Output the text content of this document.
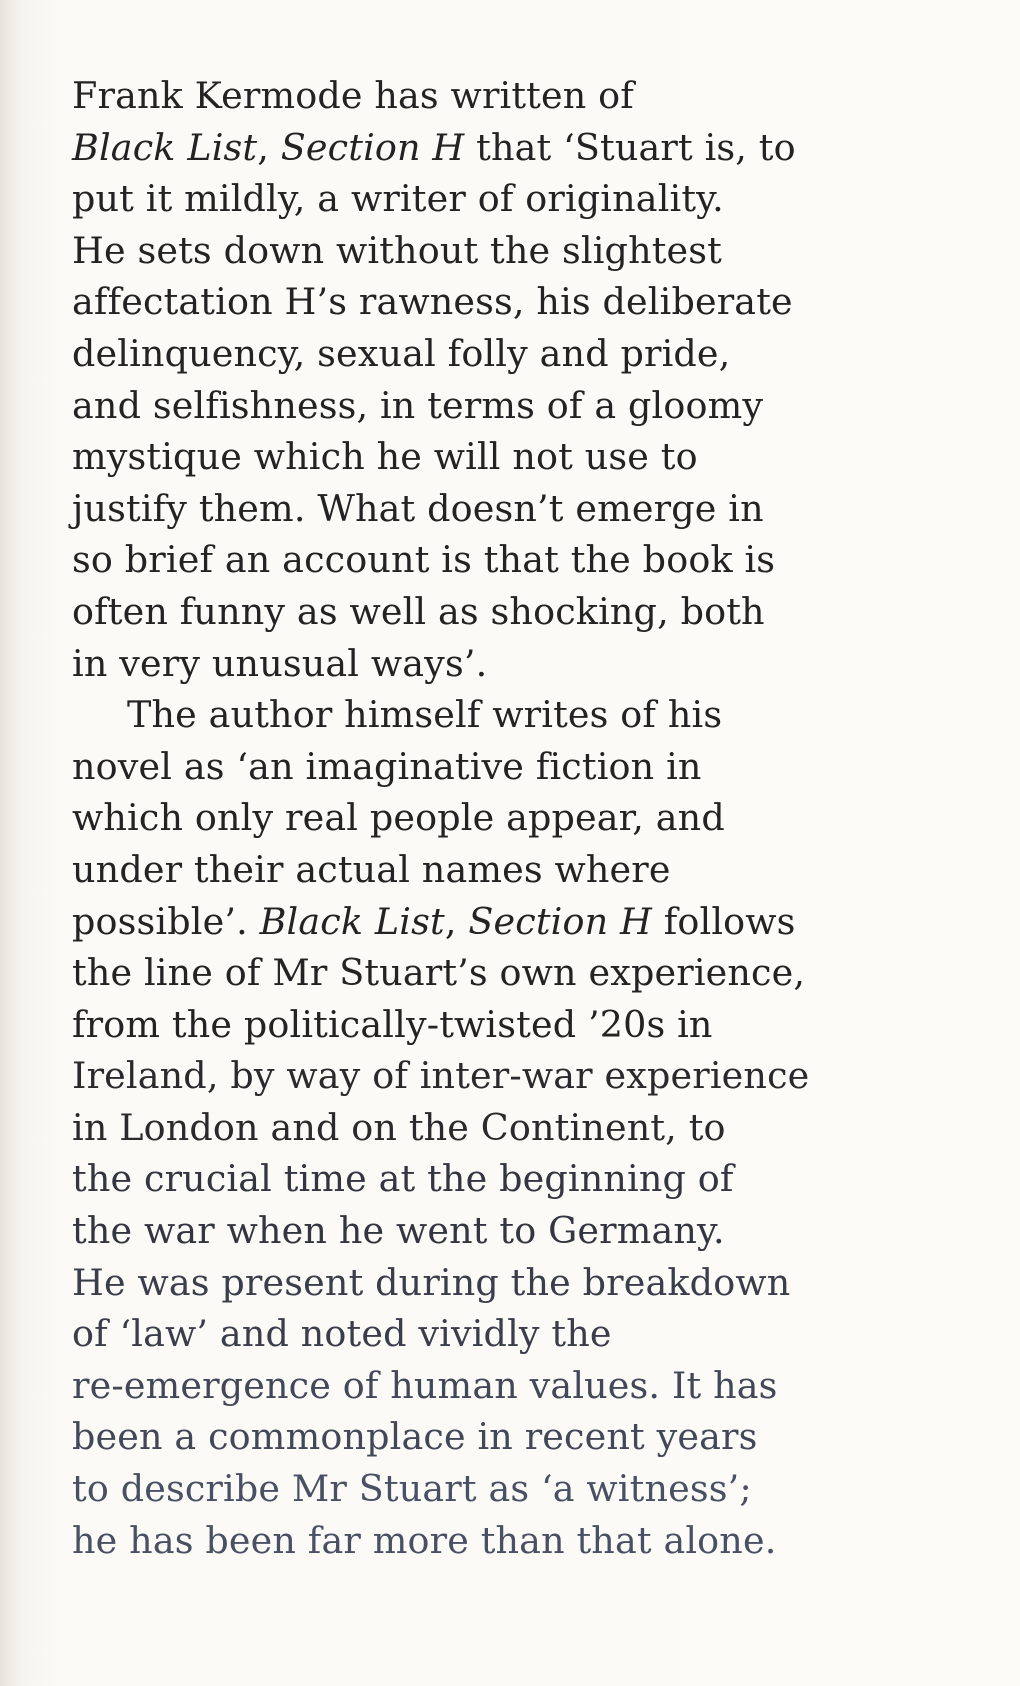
Frank Kermode has written of
Black List, Section H that ‘Stuart is, to
put it mildly, a writer of originality.
He sets down without the slightest
affectation H’s rawness, his deliberate
delinquency, sexual folly and pride,
and selfishness, in terms of a gloomy
mystique which he will not use to
justify them. What doesn’t emerge in
so brief an account is that the book is
often funny as well as shocking, both
in very unusual ways’.
The author himself writes of his
novel as ‘an imaginative fiction in
which only real people appear, and
under their actual names where
possible’. Black List, Section H follows
the line of Mr Stuart’s own experience,
from the politically-twisted ’20s in
Ireland, by way of inter-war experience
in London and on the Continent, to
the crucial time at the beginning of
the war when he went to Germany.
He was present during the breakdown
of ‘law’ and noted vividly the
re-emergence of human values. It has
been a commonplace in recent years
to describe Mr Stuart as ‘a witness’;
he has been far more than that alone.
